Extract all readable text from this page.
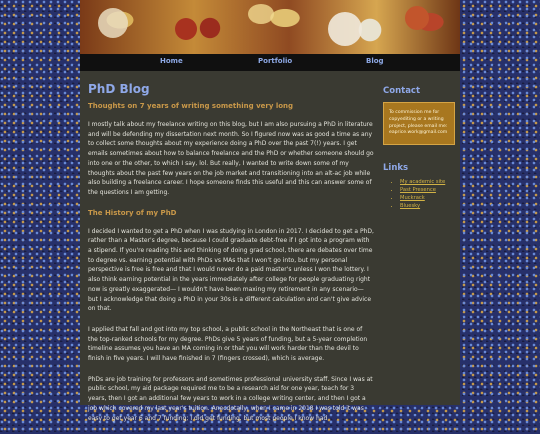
Home	Portfolio	Blog
PhD Blog
Thoughts on 7 years of writing something very long
I mostly talk about my freelance writing on this blog, but I am also pursuing a PhD in literature and will be defending my dissertation next month. So I figured now was as good a time as any to collect some thoughts about my experience doing a PhD over the past 7(!) years. I get emails sometimes about how to balance freelance and the PhD or whether someone should go into one or the other, to which I say, lol. But really, I wanted to write down some of my thoughts about the past few years on the job market and transitioning into an alt-ac job while also building a freelance career. I hope someone finds this useful and this can answer some of the questions I am getting.
The History of my PhD
I decided I wanted to get a PhD when I was studying in London in 2017. I decided to get a PhD, rather than a Master's degree, because I could graduate debt-free if I got into a program with a stipend. If you're reading this and thinking of doing grad school, there are debates over time to degree vs. earning potential with PhDs vs MAs that I won't go into, but my personal perspective is free is free and that I would never do a paid master's unless I won the lottery. I also think earning potential in the years immediately after college for people graduating right now is greatly exaggerated— I wouldn't have been maxing my retirement in any scenario— but I acknowledge that doing a PhD in your 30s is a different calculation and can't give advice on that.
I applied that fall and got into my top school, a public school in the Northeast that is one of the top-ranked schools for my degree. PhDs give 5 years of funding, but a 5-year completion timeline assumes you have an MA coming in or that you will work harder than the devil to finish in five years. I will have finished in 7 (fingers crossed), which is average.
PhDs are job training for professors and sometimes professional university staff. Since I was at public school, my aid package required me to be a research aid for one year, teach for 3 years, then I got an additional few years to work in a college writing center, and then I got a job which covered my last year's tuition. Anecdotally, when I came in 2018 I was told it was easy to get year 6 and 7 funding; I did get funding, but most people I know had
Contact
To commission me for copyediting or a writing project, please email me: eaprice.work@gmail.com
Links
• My academic site
• Past Presence
• Muckrack
• Bluesky
